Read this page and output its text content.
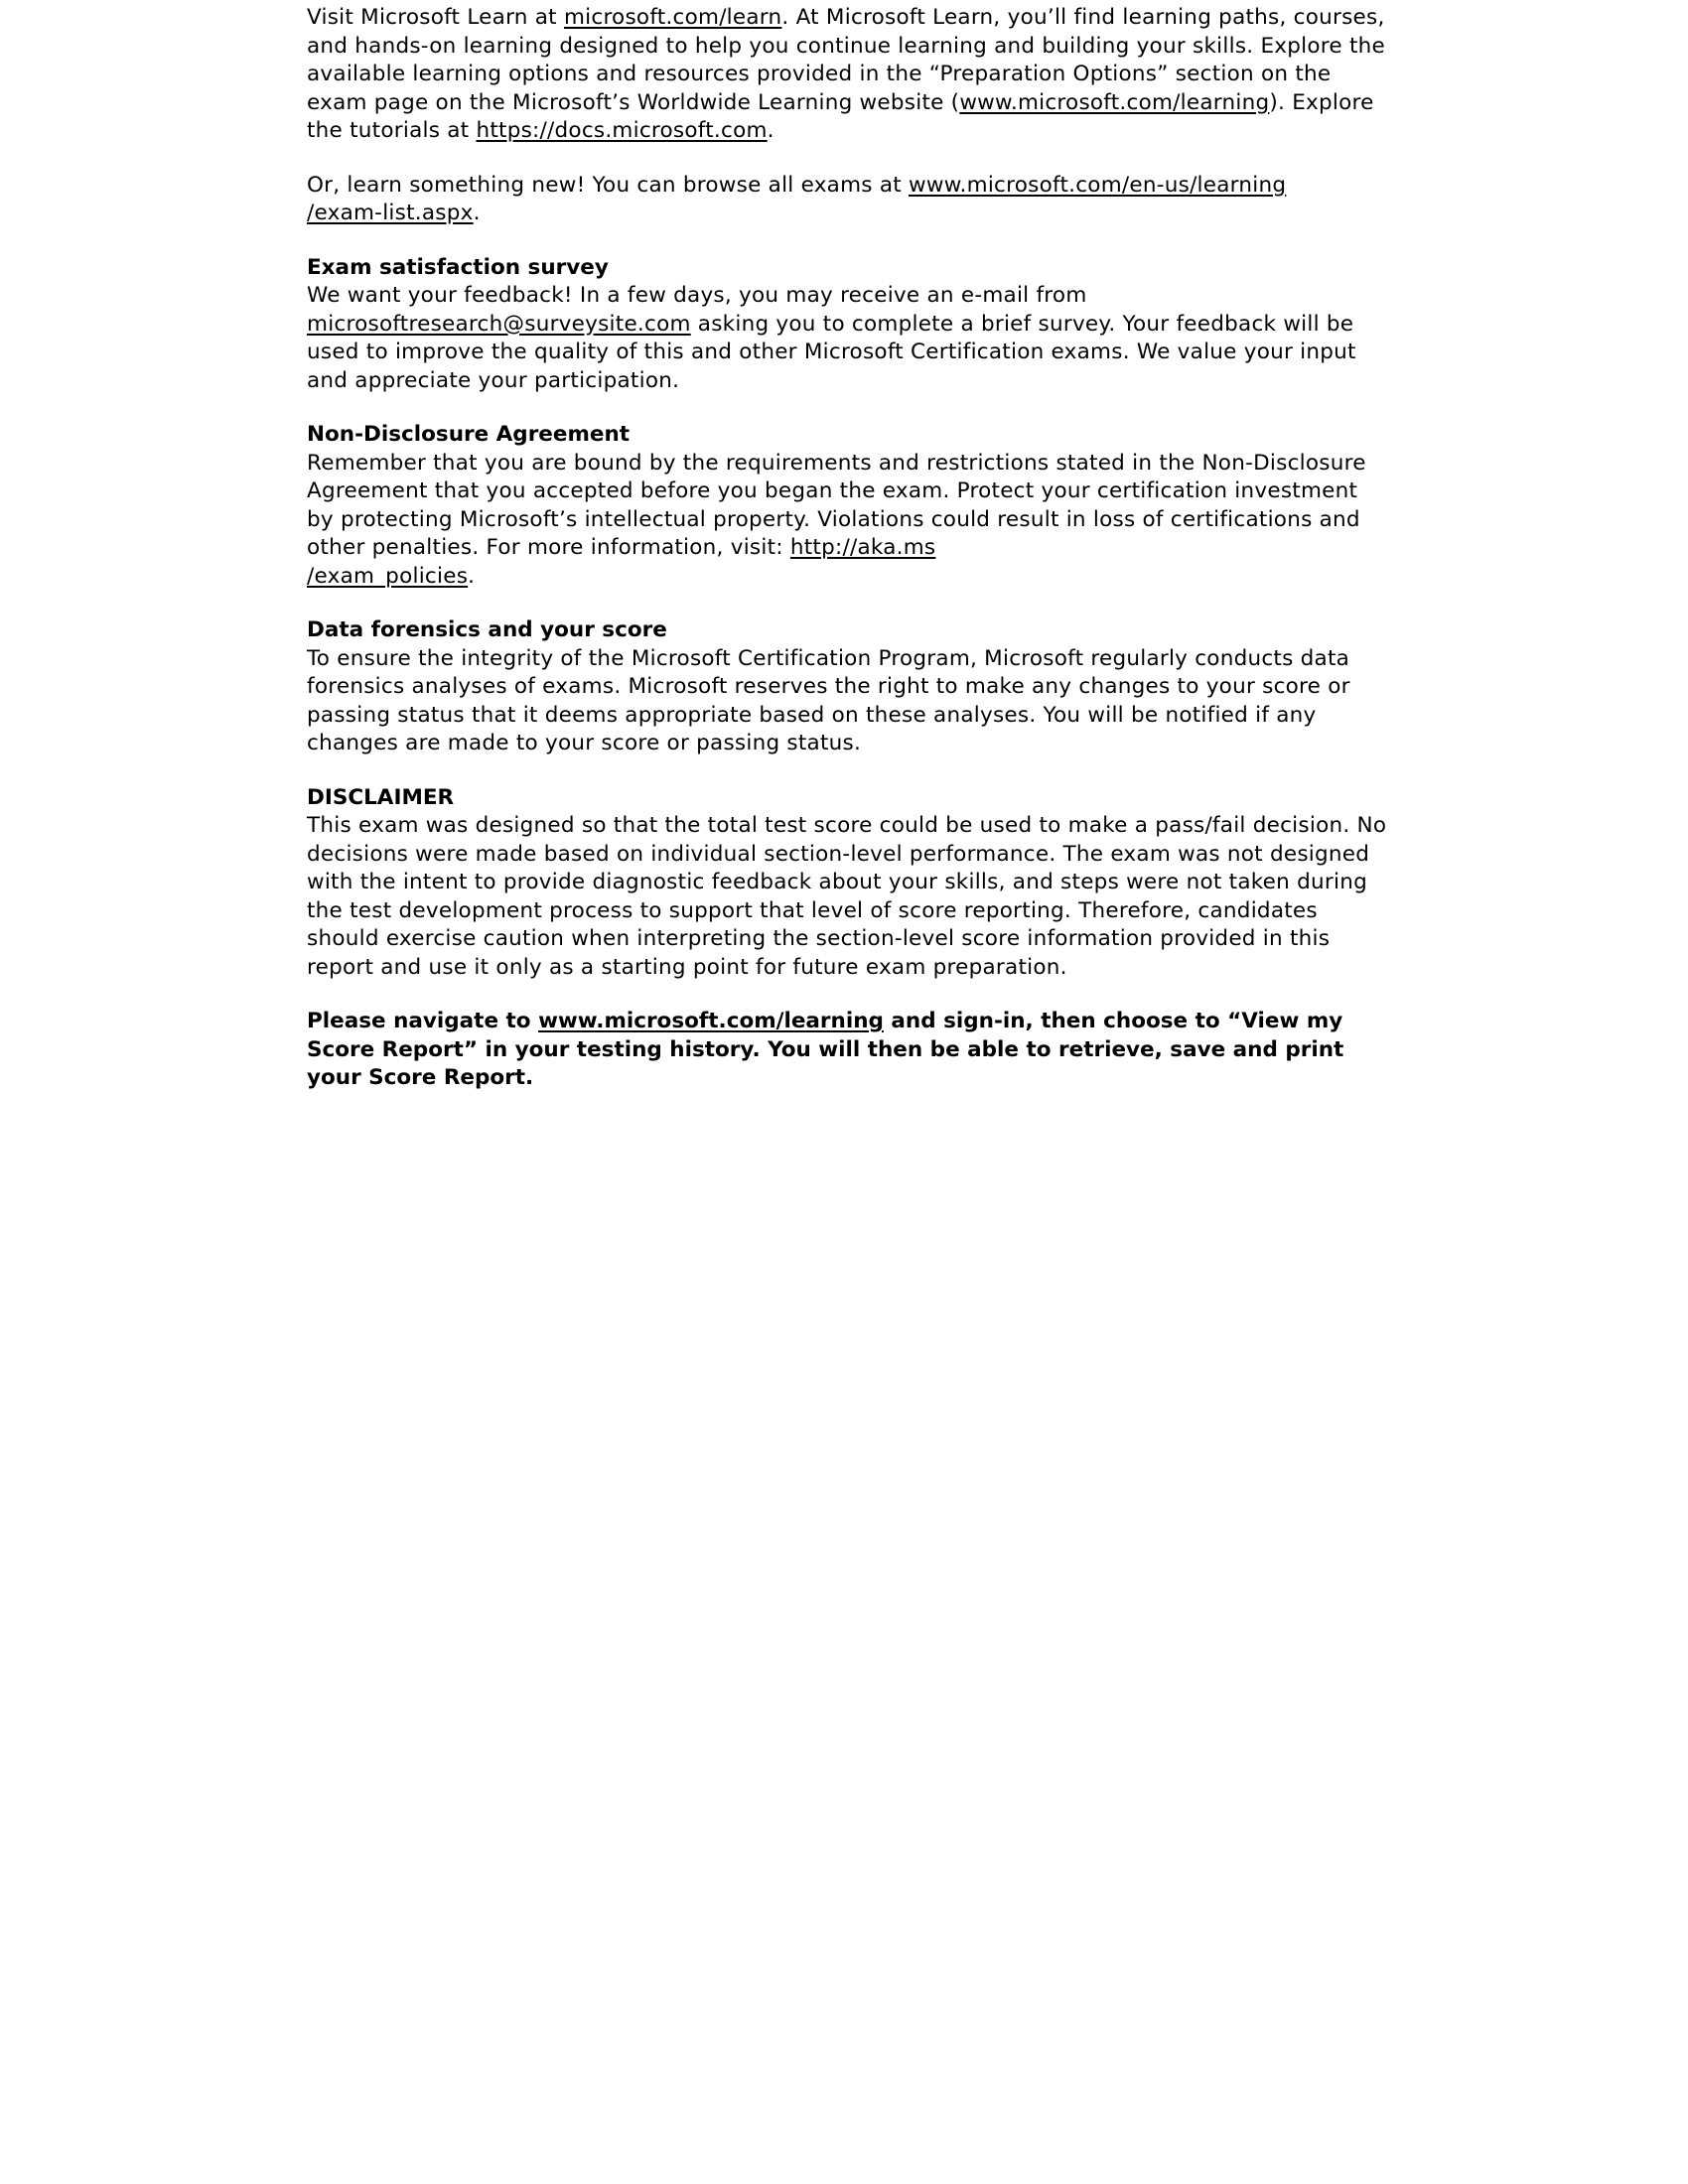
Visit Microsoft Learn at microsoft.com/learn. At Microsoft Learn, you’ll find learning paths, courses, and hands-on learning designed to help you continue learning and building your skills. Explore the available learning options and resources provided in the “Preparation Options” section on the exam page on the Microsoft’s Worldwide Learning website (www.microsoft.com/learning). Explore the tutorials at https://docs.microsoft.com.

Or, learn something new! You can browse all exams at www.microsoft.com/en-us/learning
/exam-list.aspx.

Exam satisfaction survey
We want your feedback! In a few days, you may receive an e-mail from microsoftresearch@surveysite.com asking you to complete a brief survey. Your feedback will be used to improve the quality of this and other Microsoft Certification exams. We value your input and appreciate your participation.

Non-Disclosure Agreement
Remember that you are bound by the requirements and restrictions stated in the Non-Disclosure Agreement that you accepted before you began the exam. Protect your certification investment by protecting Microsoft’s intellectual property. Violations could result in loss of certifications and other penalties. For more information, visit: http://aka.ms
/exam_policies.

Data forensics and your score
To ensure the integrity of the Microsoft Certification Program, Microsoft regularly conducts data forensics analyses of exams. Microsoft reserves the right to make any changes to your score or passing status that it deems appropriate based on these analyses. You will be notified if any changes are made to your score or passing status.

DISCLAIMER
This exam was designed so that the total test score could be used to make a pass/fail decision. No decisions were made based on individual section-level performance. The exam was not designed with the intent to provide diagnostic feedback about your skills, and steps were not taken during the test development process to support that level of score reporting. Therefore, candidates should exercise caution when interpreting the section-level score information provided in this report and use it only as a starting point for future exam preparation.

Please navigate to www.microsoft.com/learning and sign-in, then choose to “View my Score Report” in your testing history. You will then be able to retrieve, save and print your Score Report.
